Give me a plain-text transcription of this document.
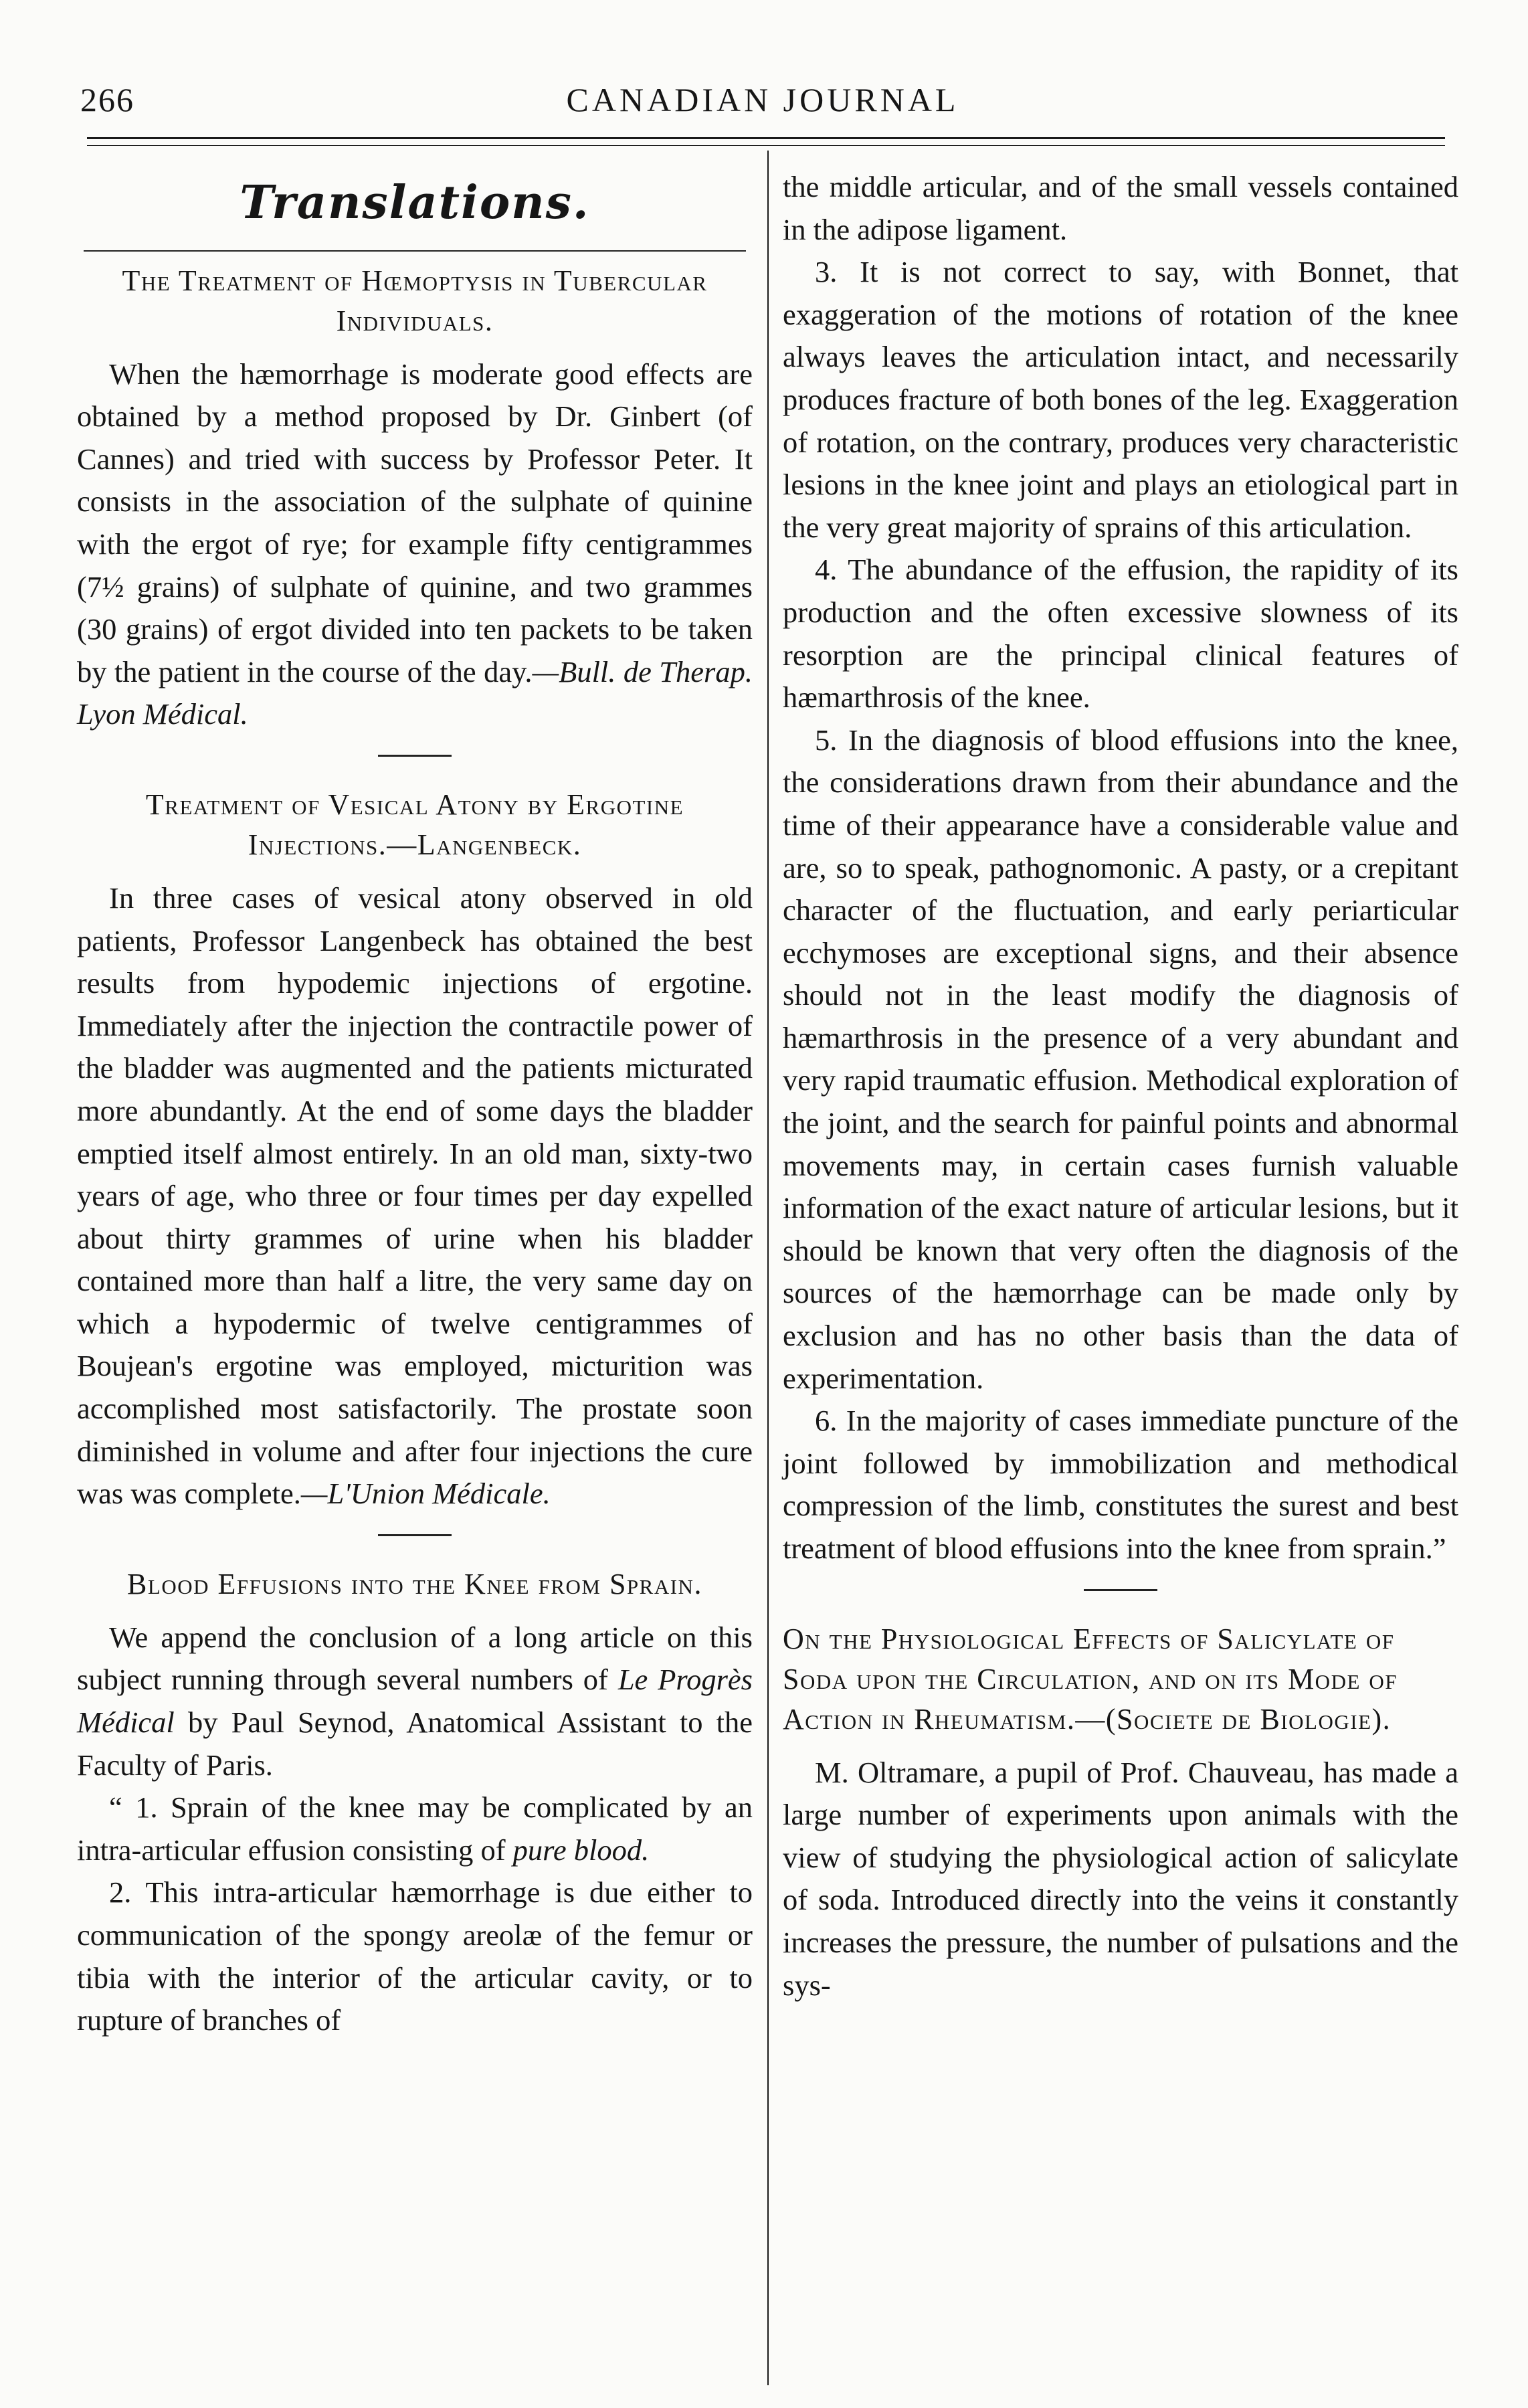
266	CANADIAN JOURNAL
Translations.
The Treatment of Hœmoptysis in Tubercular Individuals.

When the hæmorrhage is moderate good effects are obtained by a method proposed by Dr. Ginbert (of Cannes) and tried with success by Professor Peter. It consists in the association of the sulphate of quinine with the ergot of rye; for example fifty centigrammes (7½ grains) of sulphate of quinine, and two grammes (30 grains) of ergot divided into ten packets to be taken by the patient in the course of the day.—Bull. de Therap. Lyon Médical.

Treatment of Vesical Atony by Ergotine Injections.—Langenbeck.

In three cases of vesical atony observed in old patients, Professor Langenbeck has obtained the best results from hypodemic injections of ergotine. Immediately after the injection the contractile power of the bladder was augmented and the patients micturated more abundantly. At the end of some days the bladder emptied itself almost entirely. In an old man, sixty-two years of age, who three or four times per day expelled about thirty grammes of urine when his bladder contained more than half a litre, the very same day on which a hypodermic of twelve centigrammes of Boujean's ergotine was employed, micturition was accomplished most satisfactorily. The prostate soon diminished in volume and after four injections the cure was was complete.—L'Union Médicale.

Blood Effusions into the Knee from Sprain.

We append the conclusion of a long article on this subject running through several numbers of Le Progrès Médical by Paul Seynod, Anatomical Assistant to the Faculty of Paris.

“ 1. Sprain of the knee may be complicated by an intra-articular effusion consisting of pure blood.

2. This intra-articular hæmorrhage is due either to communication of the spongy areolæ of the femur or tibia with the interior of the articular cavity, or to rupture of branches of

the middle articular, and of the small vessels contained in the adipose ligament.

3. It is not correct to say, with Bonnet, that exaggeration of the motions of rotation of the knee always leaves the articulation intact, and necessarily produces fracture of both bones of the leg. Exaggeration of rotation, on the contrary, produces very characteristic lesions in the knee joint and plays an etiological part in the very great majority of sprains of this articulation.

4. The abundance of the effusion, the rapidity of its production and the often excessive slowness of its resorption are the principal clinical features of hæmarthrosis of the knee.

5. In the diagnosis of blood effusions into the knee, the considerations drawn from their abundance and the time of their appearance have a considerable value and are, so to speak, pathognomonic. A pasty, or a crepitant character of the fluctuation, and early periarticular ecchymoses are exceptional signs, and their absence should not in the least modify the diagnosis of hæmarthrosis in the presence of a very abundant and very rapid traumatic effusion. Methodical exploration of the joint, and the search for painful points and abnormal movements may, in certain cases furnish valuable information of the exact nature of articular lesions, but it should be known that very often the diagnosis of the sources of the hæmorrhage can be made only by exclusion and has no other basis than the data of experimentation.

6. In the majority of cases immediate puncture of the joint followed by immobilization and methodical compression of the limb, constitutes the surest and best treatment of blood effusions into the knee from sprain.”

On the Physiological Effects of Salicylate of Soda upon the Circulation, and on its Mode of Action in Rheumatism.—(Societe de Biologie).

M. Oltramare, a pupil of Prof. Chauveau, has made a large number of experiments upon animals with the view of studying the physiological action of salicylate of soda. Introduced directly into the veins it constantly increases the pressure, the number of pulsations and the sys-
